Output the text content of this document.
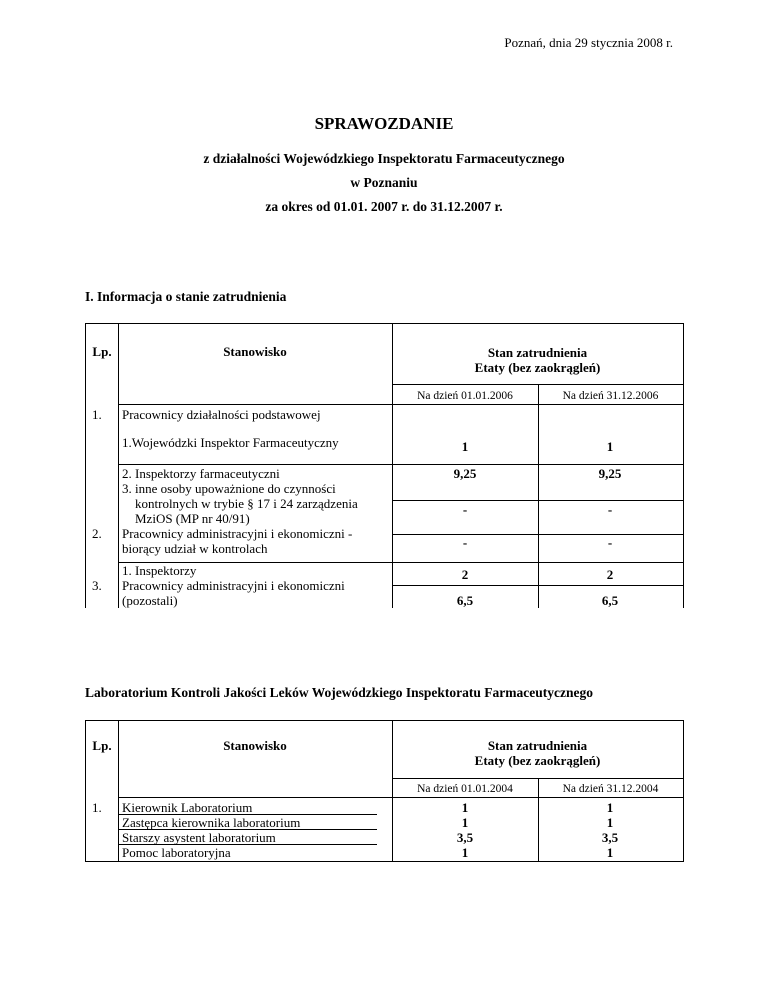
Poznań, dnia 29 stycznia 2008 r.
SPRAWOZDANIE
z działalności Wojewódzkiego Inspektoratu Farmaceutycznego
w Poznaniu
za okres od 01.01. 2007 r. do 31.12.2007 r.
I. Informacja o stanie zatrudnienia
Lp.	Stanowisko	Stan zatrudnienia
Etaty (bez zaokrągleń)
Na dzień 01.01.2006	Na dzień 31.12.2006
1. Pracownicy działalności podstawowej
1.Wojewódzki Inspektor Farmaceutyczny	1	1
2. Inspektorzy farmaceutyczni	9,25	9,25
3. inne osoby upoważnione do czynności
kontrolnych w trybie § 17 i 24 zarządzenia
MziOS (MP nr 40/91)
-	-
2. Pracownicy administracyjni i ekonomiczni -
biorący udział w kontrolach	-	-
1. Inspektorzy	2	2
3. Pracownicy administracyjni i ekonomiczni
(pozostali)	6,5	6,5
Laboratorium Kontroli Jakości Leków Wojewódzkiego Inspektoratu Farmaceutycznego
Lp.	Stanowisko	Stan zatrudnienia
Etaty (bez zaokrągleń)
Na dzień 01.01.2004	Na dzień 31.12.2004
1. Kierownik Laboratorium	1	1
Zastępca kierownika laboratorium	1	1
Starszy asystent laboratorium	3,5	3,5
Pomoc laboratoryjna	1	1
